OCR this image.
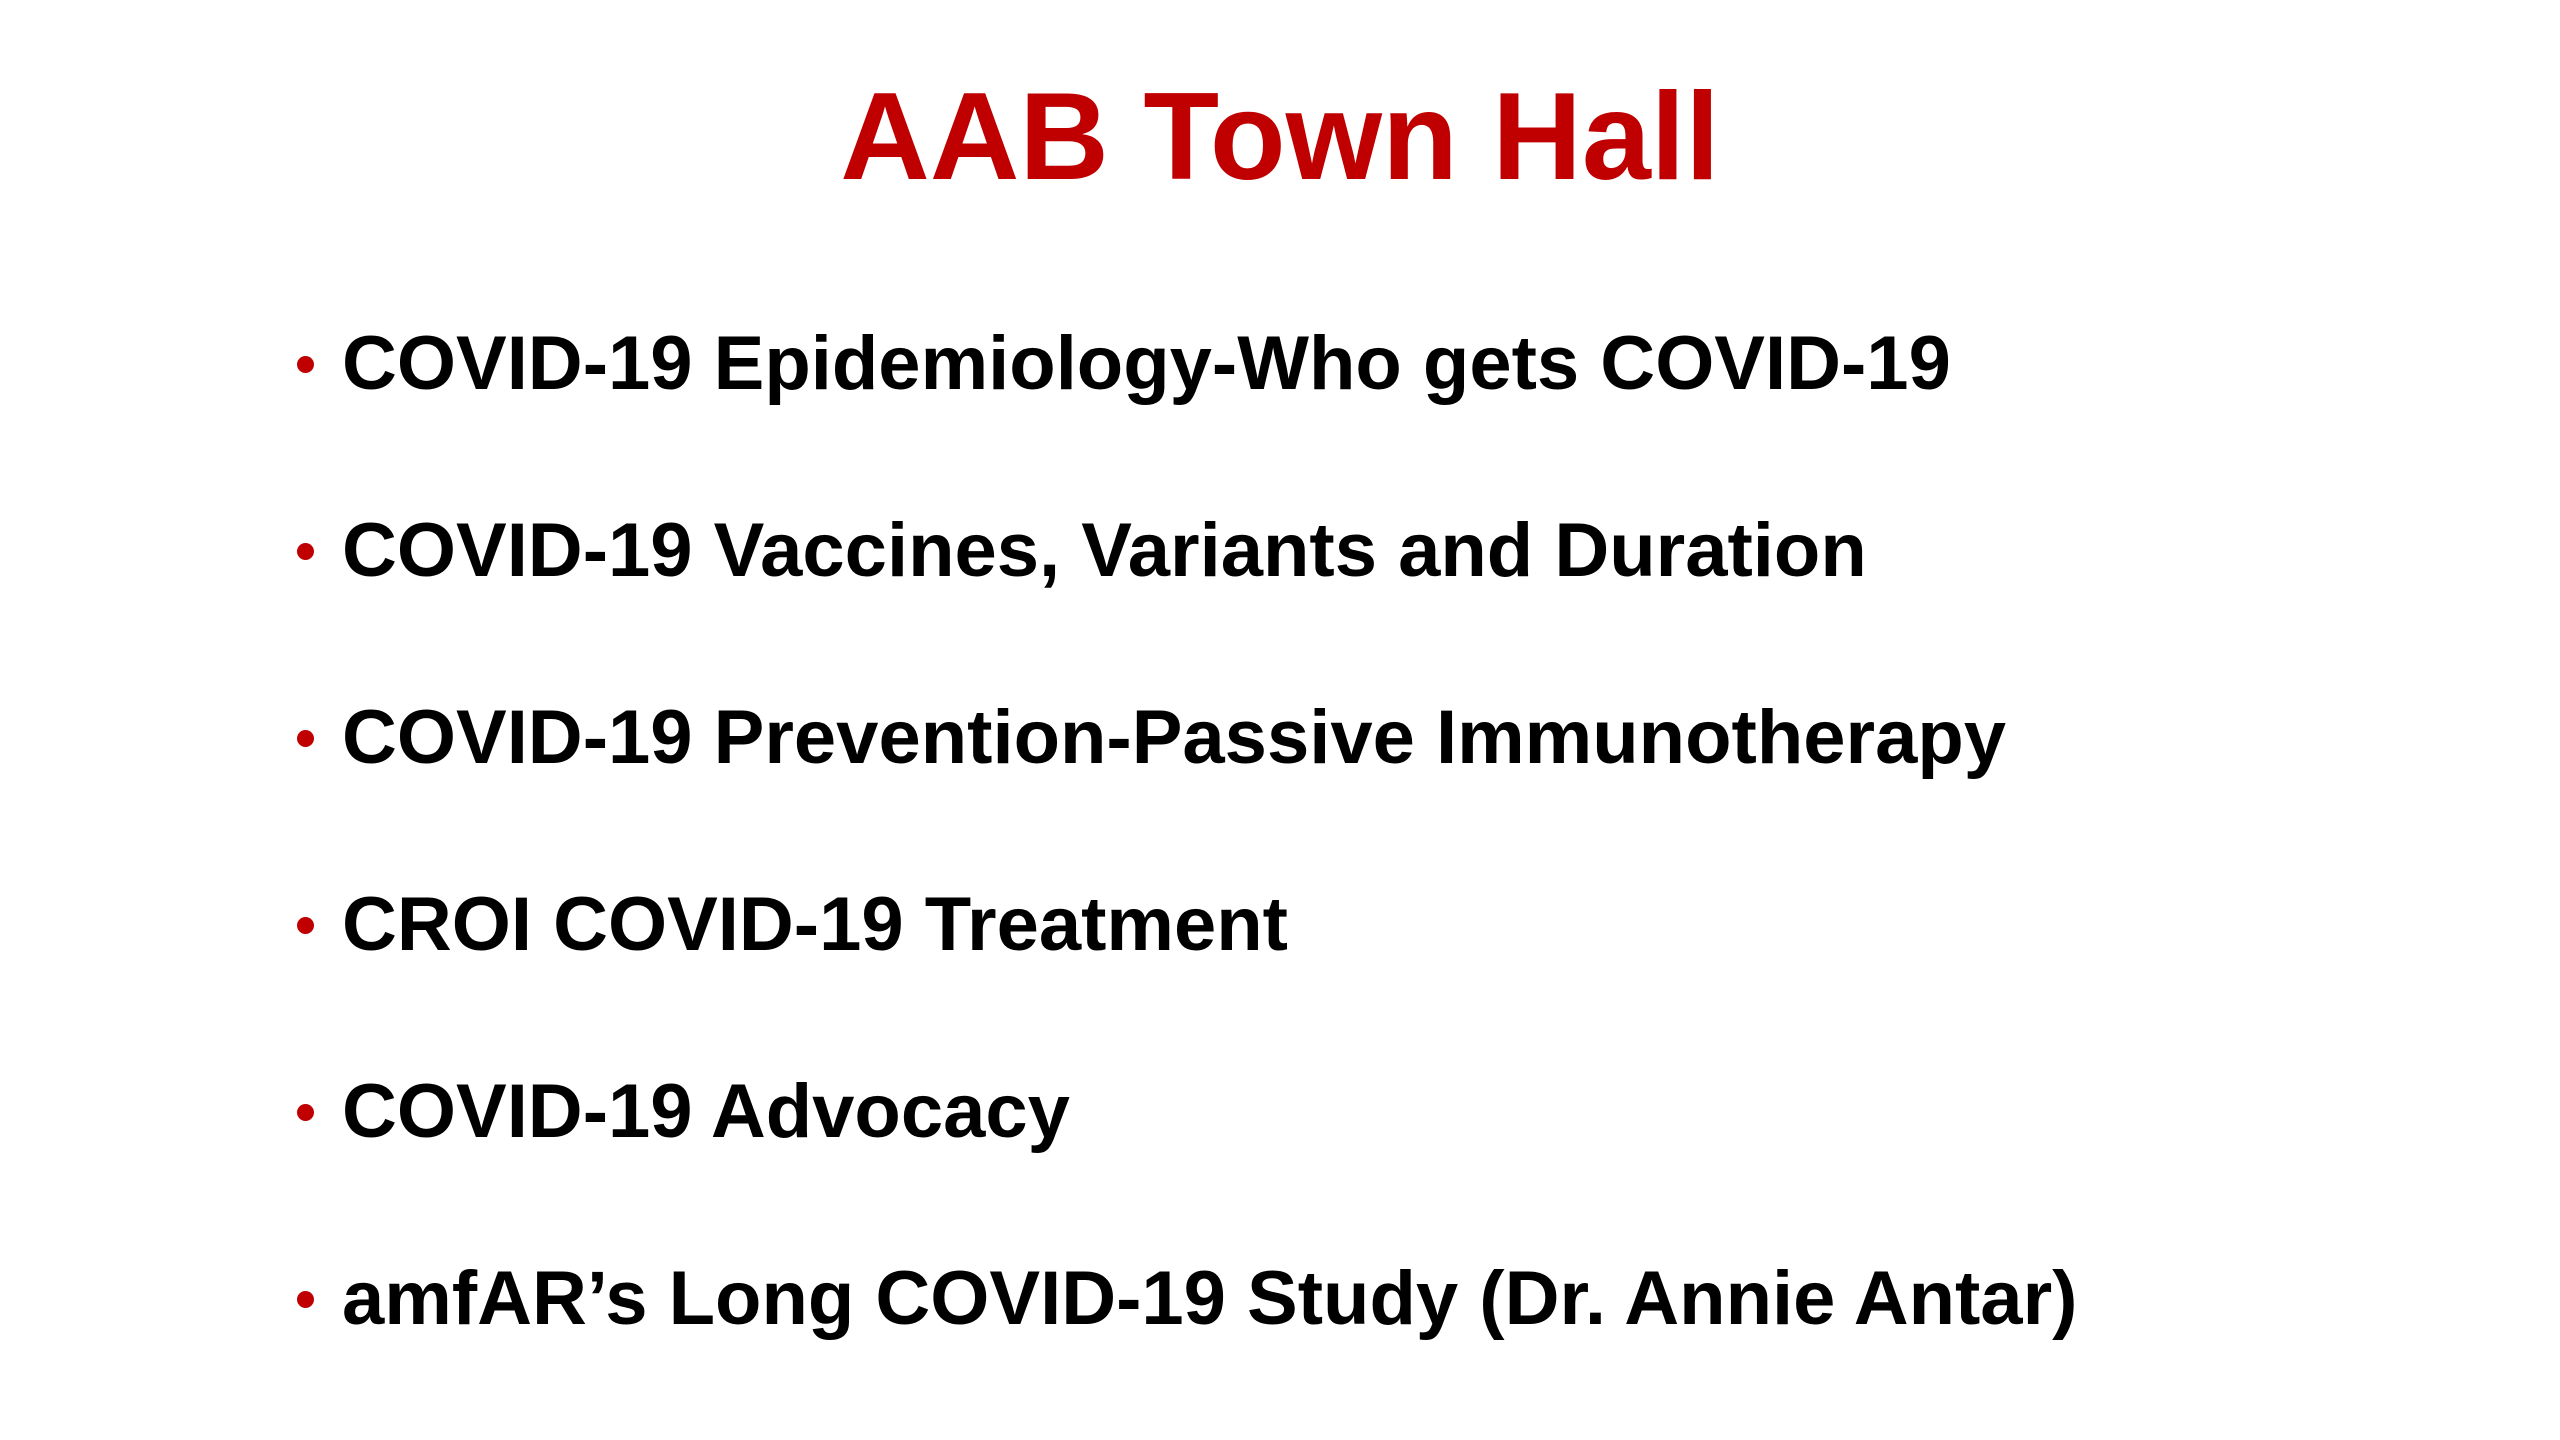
AAB Town Hall
COVID-19 Epidemiology-Who gets COVID-19
COVID-19 Vaccines, Variants and Duration
COVID-19 Prevention-Passive Immunotherapy
CROI COVID-19 Treatment
COVID-19 Advocacy
amfAR’s Long COVID-19 Study (Dr. Annie Antar)
